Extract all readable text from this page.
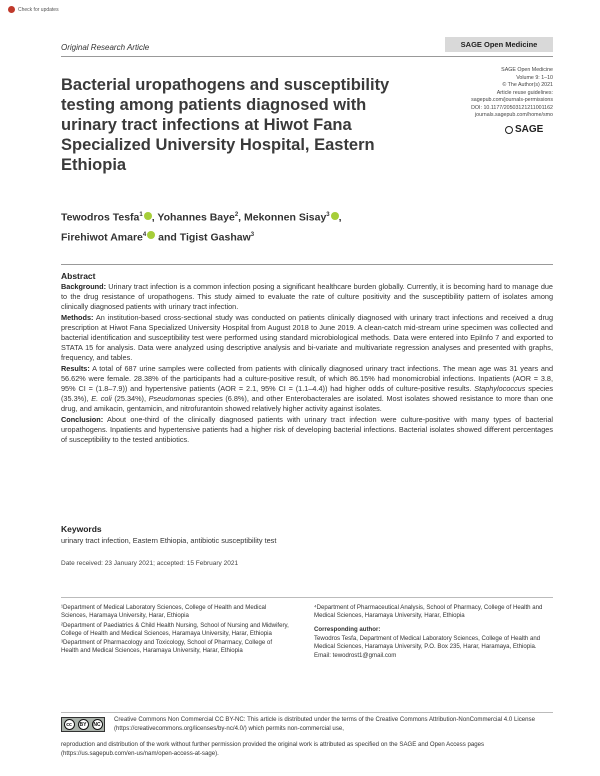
Check for updates
Original Research Article	SAGE Open Medicine
Bacterial uropathogens and susceptibility testing among patients diagnosed with urinary tract infections at Hiwot Fana Specialized University Hospital, Eastern Ethiopia
SAGE Open Medicine
Volume 9: 1–10
© The Author(s) 2021
Article reuse guidelines:
sagepub.com/journals-permissions
DOI: 10.1177/20503121211001162
journals.sagepub.com/home/smo
SAGE
Tewodros Tesfa$^1$ , Yohannes Baye$^2$, Mekonnen Sisay$^3$ ,
Firehiwot Amare$^4$ and Tigist Gashaw$^3$
Abstract

Background: Urinary tract infection is a common infection posing a significant healthcare burden globally. Currently, it is becoming hard to manage due to the drug resistance of uropathogens. This study aimed to evaluate the rate of culture positivity and the susceptibility pattern of isolates among clinically diagnosed patients with urinary tract infection.

Methods: An institution-based cross-sectional study was conducted on patients clinically diagnosed with urinary tract infections and received a drug prescription at Hiwot Fana Specialized University Hospital from August 2018 to June 2019. A clean-catch mid-stream urine specimen was collected and bacterial identification and susceptibility test were performed using standard microbiological methods. Data were entered into EpiInfo 7 and exported to STATA 15 for analysis. Data were analyzed using descriptive analysis and bi-variate and multivariate regression analyses and presented with graphs, frequency, and tables.

Results: A total of 687 urine samples were collected from patients with clinically diagnosed urinary tract infections. The mean age was 31 years and 56.62% were female. 28.38% of the participants had a culture-positive result, of which 86.15% had monomicrobial infections. Inpatients (AOR = 3.8, 95% CI = (1.8–7.9)) and hypertensive patients (AOR = 2.1, 95% CI = (1.1–4.4)) had higher odds of culture-positive results. Staphylococcus species (35.3%), E. coli (25.34%), Pseudomonas species (6.8%), and other Enterobacterales are isolated. Most isolates showed resistance to more than one drug, and amikacin, gentamicin, and nitrofurantoin showed relatively higher activity against isolates.

Conclusion: About one-third of the clinically diagnosed patients with urinary tract infection were culture-positive with many types of bacterial uropathogens. Inpatients and hypertensive patients had a higher risk of developing bacterial infections. Bacterial isolates showed different percentages of susceptibility to the tested antibiotics.

Keywords
urinary tract infection, Eastern Ethiopia, antibiotic susceptibility test
Date received: 23 January 2021; accepted: 15 February 2021

¹Department of Medical Laboratory Sciences, College of Health and Medical Sciences, Haramaya University, Harar, Ethiopia

²Department of Paediatrics & Child Health Nursing, School of Nursing and Midwifery, College of Health and Medical Sciences, Haramaya University, Harar, Ethiopia

³Department of Pharmacology and Toxicology, School of Pharmacy, College of Health and Medical Sciences, Haramaya University, Harar, Ethiopia

⁴Department of Pharmaceutical Analysis, School of Pharmacy, College of Health and Medical Sciences, Haramaya University, Harar, Ethiopia

Corresponding author:

Tewodros Tesfa, Department of Medical Laboratory Sciences, College of Health and Medical Sciences, Haramaya University, P.O. Box 235, Harar, Haramaya, Ethiopia.

Email: tewodrost1@gmail.com

cc	BY	NC

Creative Commons Non Commercial CC BY-NC: This article is distributed under the terms of the Creative Commons Attribution-NonCommercial 4.0 License (https://creativecommons.org/licenses/by-nc/4.0/) which permits non-commercial use,

reproduction and distribution of the work without further permission provided the original work is attributed as specified on the SAGE and Open Access pages (https://us.sagepub.com/en-us/nam/open-access-at-sage).
